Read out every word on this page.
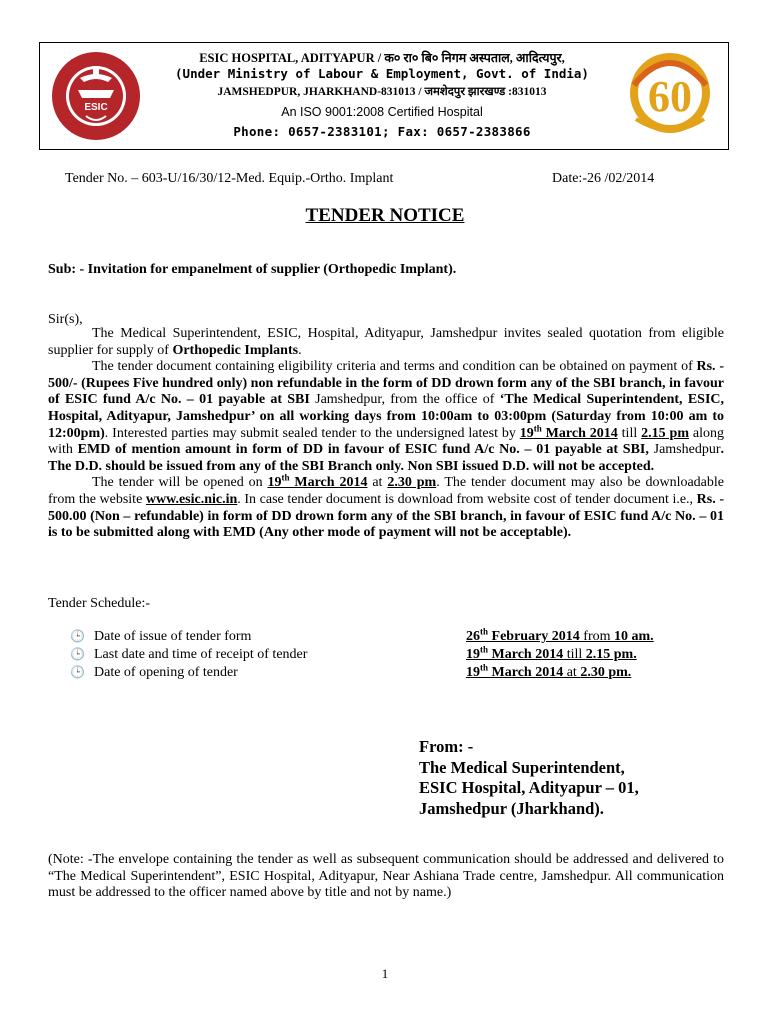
ESIC
ESIC HOSPITAL, ADITYAPUR / क० रा० बि० निगम अस्पताल, आदित्यपुर,
(Under Ministry of Labour & Employment, Govt. of India)
JAMSHEDPUR, JHARKHAND-831013 / जमशेदपुर झारखण्ड :831013
An ISO 9001:2008 Certified Hospital
Phone: 0657-2383101; Fax: 0657-2383866
60
Tender No. – 603-U/16/30/12-Med. Equip.-Ortho. Implant	Date:-26 /02/2014
TENDER NOTICE
Sub: - Invitation for empanelment of supplier (Orthopedic Implant).
Sir(s),

The Medical Superintendent, ESIC, Hospital, Adityapur, Jamshedpur invites sealed quotation from eligible supplier for supply of Orthopedic Implants.

The tender document containing eligibility criteria and terms and condition can be obtained on payment of Rs. - 500/- (Rupees Five hundred only) non refundable in the form of DD drown form any of the SBI branch, in favour of ESIC fund A/c No. – 01 payable at SBI Jamshedpur, from the office of ‘The Medical Superintendent, ESIC, Hospital, Adityapur, Jamshedpur’ on all working days from 10:00am to 03:00pm (Saturday from 10:00 am to 12:00pm). Interested parties may submit sealed tender to the undersigned latest by 19th March 2014 till 2.15 pm along with EMD of mention amount in form of DD in favour of ESIC fund A/c No. – 01 payable at SBI, Jamshedpur. The D.D. should be issued from any of the SBI Branch only. Non SBI issued D.D. will not be accepted.

The tender will be opened on 19th March 2014 at 2.30 pm. The tender document may also be downloadable from the website www.esic.nic.in. In case tender document is download from website cost of tender document i.e., Rs. - 500.00 (Non – refundable) in form of DD drown form any of the SBI branch, in favour of ESIC fund A/c No. – 01 is to be submitted along with EMD (Any other mode of payment will not be acceptable).

Tender Schedule:-
🕒 Date of issue of tender form	26th February 2014 from 10 am.
🕒 Last date and time of receipt of tender	19th March 2014 till 2.15 pm.
🕒 Date of opening of tender	19th March 2014 at 2.30 pm.
From: -
The Medical Superintendent,
ESIC Hospital, Adityapur – 01,
Jamshedpur (Jharkhand).
(Note: -The envelope containing the tender as well as subsequent communication should be addressed and delivered to “The Medical Superintendent”, ESIC Hospital, Adityapur, Near Ashiana Trade centre, Jamshedpur. All communication must be addressed to the officer named above by title and not by name.)
1
